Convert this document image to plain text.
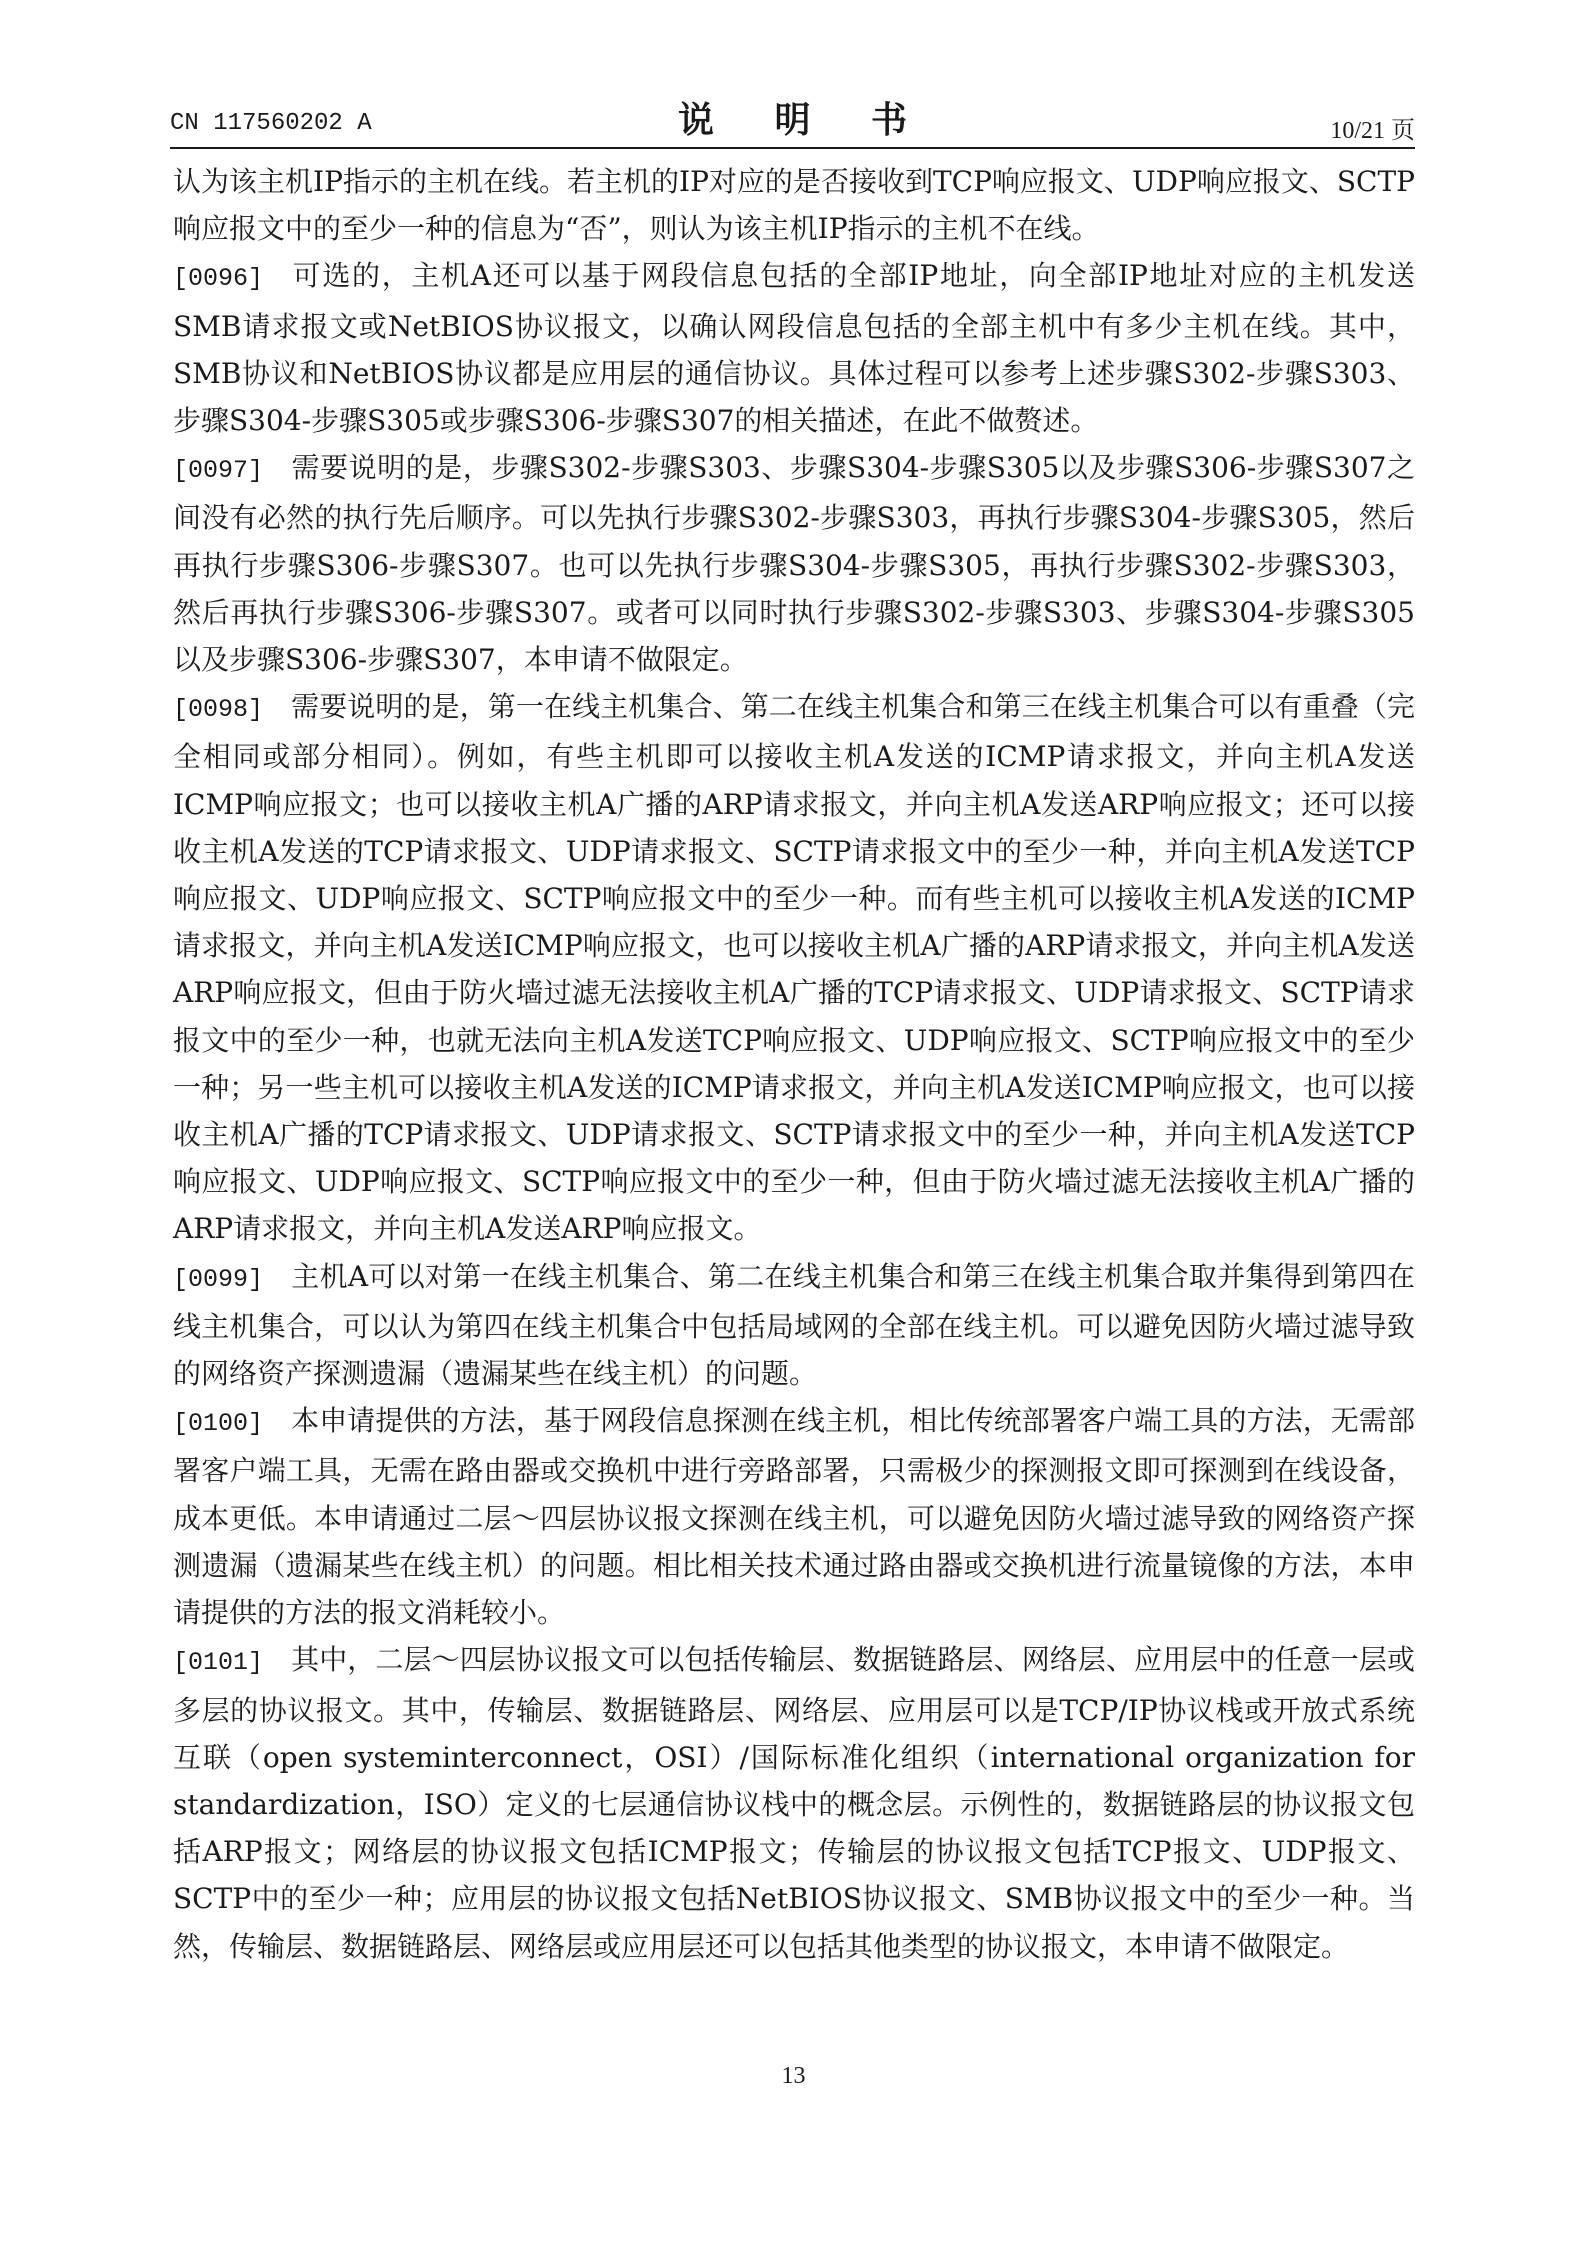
CN 117560202 A	说 明 书	10/21 页

认为该主机IP指示的主机在线。若主机的IP对应的是否接收到TCP响应报文、UDP响应报文、SCTP响应报文中的至少一种的信息为“否”，则认为该主机IP指示的主机不在线。

[0096] 可选的，主机A还可以基于网段信息包括的全部IP地址，向全部IP地址对应的主机发送SMB请求报文或NetBIOS协议报文，以确认网段信息包括的全部主机中有多少主机在线。其中，SMB协议和NetBIOS协议都是应用层的通信协议。具体过程可以参考上述步骤S302-步骤S303、步骤S304-步骤S305或步骤S306-步骤S307的相关描述，在此不做赘述。

[0097] 需要说明的是，步骤S302-步骤S303、步骤S304-步骤S305以及步骤S306-步骤S307之间没有必然的执行先后顺序。可以先执行步骤S302-步骤S303，再执行步骤S304-步骤S305，然后再执行步骤S306-步骤S307。也可以先执行步骤S304-步骤S305，再执行步骤S302-步骤S303，然后再执行步骤S306-步骤S307。或者可以同时执行步骤S302-步骤S303、步骤S304-步骤S305以及步骤S306-步骤S307，本申请不做限定。

[0098] 需要说明的是，第一在线主机集合、第二在线主机集合和第三在线主机集合可以有重叠（完全相同或部分相同）。例如，有些主机即可以接收主机A发送的ICMP请求报文，并向主机A发送ICMP响应报文；也可以接收主机A广播的ARP请求报文，并向主机A发送ARP响应报文；还可以接收主机A发送的TCP请求报文、UDP请求报文、SCTP请求报文中的至少一种，并向主机A发送TCP响应报文、UDP响应报文、SCTP响应报文中的至少一种。而有些主机可以接收主机A发送的ICMP请求报文，并向主机A发送ICMP响应报文，也可以接收主机A广播的ARP请求报文，并向主机A发送ARP响应报文，但由于防火墙过滤无法接收主机A广播的TCP请求报文、UDP请求报文、SCTP请求报文中的至少一种，也就无法向主机A发送TCP响应报文、UDP响应报文、SCTP响应报文中的至少一种；另一些主机可以接收主机A发送的ICMP请求报文，并向主机A发送ICMP响应报文，也可以接收主机A广播的TCP请求报文、UDP请求报文、SCTP请求报文中的至少一种，并向主机A发送TCP响应报文、UDP响应报文、SCTP响应报文中的至少一种，但由于防火墙过滤无法接收主机A广播的ARP请求报文，并向主机A发送ARP响应报文。

[0099] 主机A可以对第一在线主机集合、第二在线主机集合和第三在线主机集合取并集得到第四在线主机集合，可以认为第四在线主机集合中包括局域网的全部在线主机。可以避免因防火墙过滤导致的网络资产探测遗漏（遗漏某些在线主机）的问题。

[0100] 本申请提供的方法，基于网段信息探测在线主机，相比传统部署客户端工具的方法，无需部署客户端工具，无需在路由器或交换机中进行旁路部署，只需极少的探测报文即可探测到在线设备，成本更低。本申请通过二层～四层协议报文探测在线主机，可以避免因防火墙过滤导致的网络资产探测遗漏（遗漏某些在线主机）的问题。相比相关技术通过路由器或交换机进行流量镜像的方法，本申请提供的方法的报文消耗较小。

[0101] 其中，二层～四层协议报文可以包括传输层、数据链路层、网络层、应用层中的任意一层或多层的协议报文。其中，传输层、数据链路层、网络层、应用层可以是TCP/IP协议栈或开放式系统互联（open systeminterconnect，OSI）/国际标准化组织（international organization for standardization，ISO）定义的七层通信协议栈中的概念层。示例性的，数据链路层的协议报文包括ARP报文；网络层的协议报文包括ICMP报文；传输层的协议报文包括TCP报文、UDP报文、SCTP中的至少一种；应用层的协议报文包括NetBIOS协议报文、SMB协议报文中的至少一种。当然，传输层、数据链路层、网络层或应用层还可以包括其他类型的协议报文，本申请不做限定。

13
